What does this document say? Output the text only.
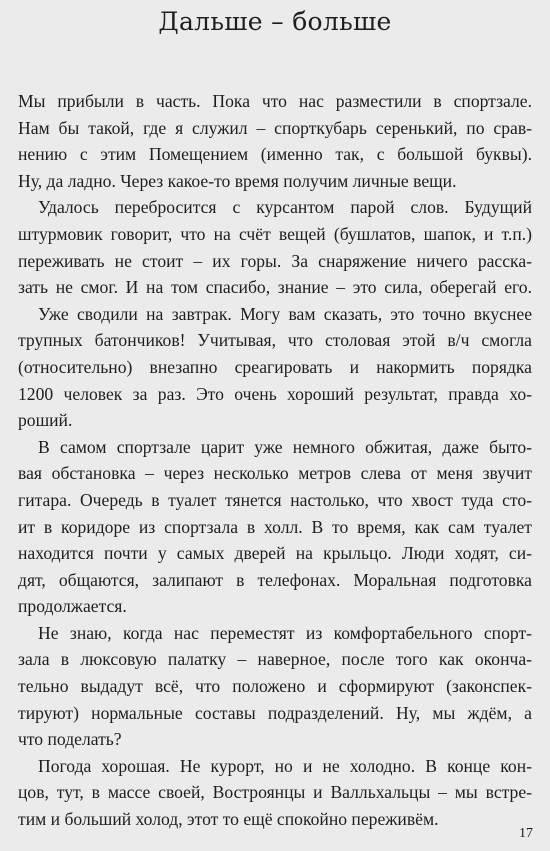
Дальше – больше
Мы прибыли в часть. Пока что нас разместили в спортзале.
Нам бы такой, где я служил – спорткубарь серенький, по срав-
нению с этим Помещением (именно так, с большой буквы).
Ну, да ладно. Через какое-то время получим личные вещи.
Удалось перебросится с курсантом парой слов. Будущий
штурмовик говорит, что на счёт вещей (бушлатов, шапок, и т.п.)
переживать не стоит – их горы. За снаряжение ничего расска-
зать не смог. И на том спасибо, знание – это сила, оберегай его.
Уже сводили на завтрак. Могу вам сказать, это точно вкуснее
трупных батончиков! Учитывая, что столовая этой в/ч смогла
(относительно) внезапно среагировать и накормить порядка
1200 человек за раз. Это очень хороший результат, правда хо-
роший.
В самом спортзале царит уже немного обжитая, даже быто-
вая обстановка – через несколько метров слева от меня звучит
гитара. Очередь в туалет тянется настолько, что хвост туда сто-
ит в коридоре из спортзала в холл. В то время, как сам туалет
находится почти у самых дверей на крыльцо. Люди ходят, си-
дят, общаются, залипают в телефонах. Моральная подготовка
продолжается.
Не знаю, когда нас переместят из комфортабельного спорт-
зала в люксовую палатку – наверное, после того как оконча-
тельно выдадут всё, что положено и сформируют (законспек-
тируют) нормальные составы подразделений. Ну, мы ждём, а
что поделать?
Погода хорошая. Не курорт, но и не холодно. В конце кон-
цов, тут, в массе своей, Востроянцы и Валльхальцы – мы встре-
тим и больший холод, этот то ещё спокойно переживём.
17
